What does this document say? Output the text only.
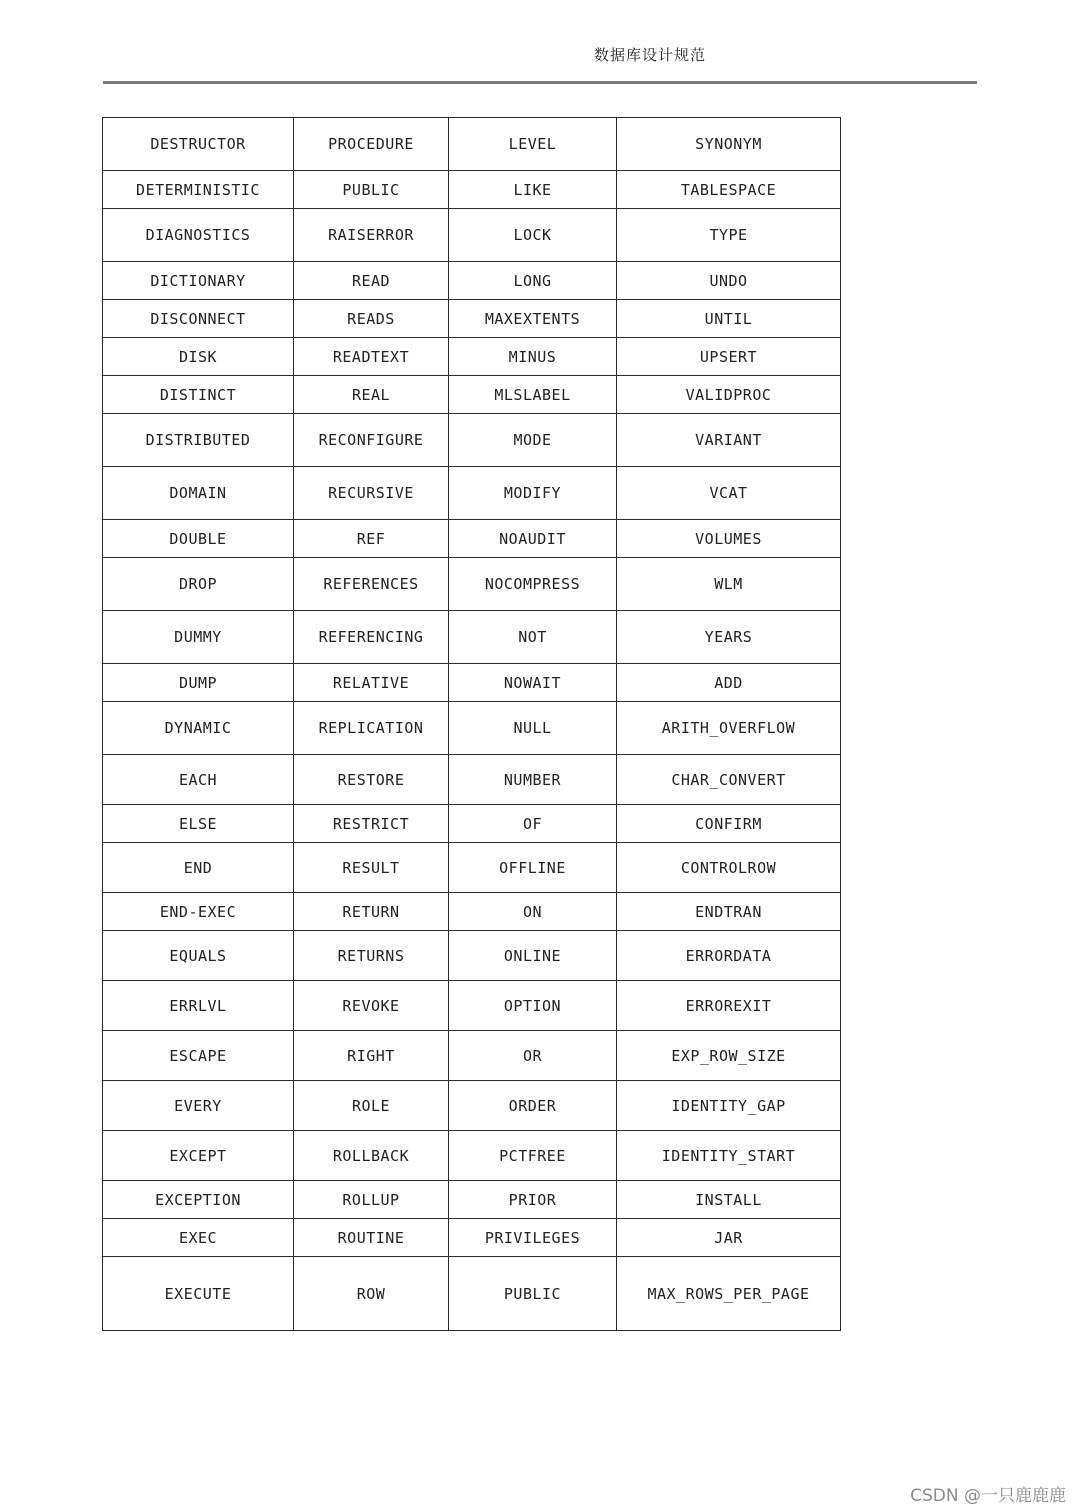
数据库设计规范
DESTRUCTOR	PROCEDURE	LEVEL	SYNONYM
DETERMINISTIC	PUBLIC	LIKE	TABLESPACE
DIAGNOSTICS	RAISERROR	LOCK	TYPE
DICTIONARY	READ	LONG	UNDO
DISCONNECT	READS	MAXEXTENTS	UNTIL
DISK	READTEXT	MINUS	UPSERT
DISTINCT	REAL	MLSLABEL	VALIDPROC
DISTRIBUTED	RECONFIGURE	MODE	VARIANT
DOMAIN	RECURSIVE	MODIFY	VCAT
DOUBLE	REF	NOAUDIT	VOLUMES
DROP	REFERENCES	NOCOMPRESS	WLM
DUMMY	REFERENCING	NOT	YEARS
DUMP	RELATIVE	NOWAIT	ADD
DYNAMIC	REPLICATION	NULL	ARITH_OVERFLOW
EACH	RESTORE	NUMBER	CHAR_CONVERT
ELSE	RESTRICT	OF	CONFIRM
END	RESULT	OFFLINE	CONTROLROW
END-EXEC	RETURN	ON	ENDTRAN
EQUALS	RETURNS	ONLINE	ERRORDATA
ERRLVL	REVOKE	OPTION	ERROREXIT
ESCAPE	RIGHT	OR	EXP_ROW_SIZE
EVERY	ROLE	ORDER	IDENTITY_GAP
EXCEPT	ROLLBACK	PCTFREE	IDENTITY_START
EXCEPTION	ROLLUP	PRIOR	INSTALL
EXEC	ROUTINE	PRIVILEGES	JAR
EXECUTE	ROW	PUBLIC	MAX_ROWS_PER_PAGE
CSDN @一只鹿鹿鹿
